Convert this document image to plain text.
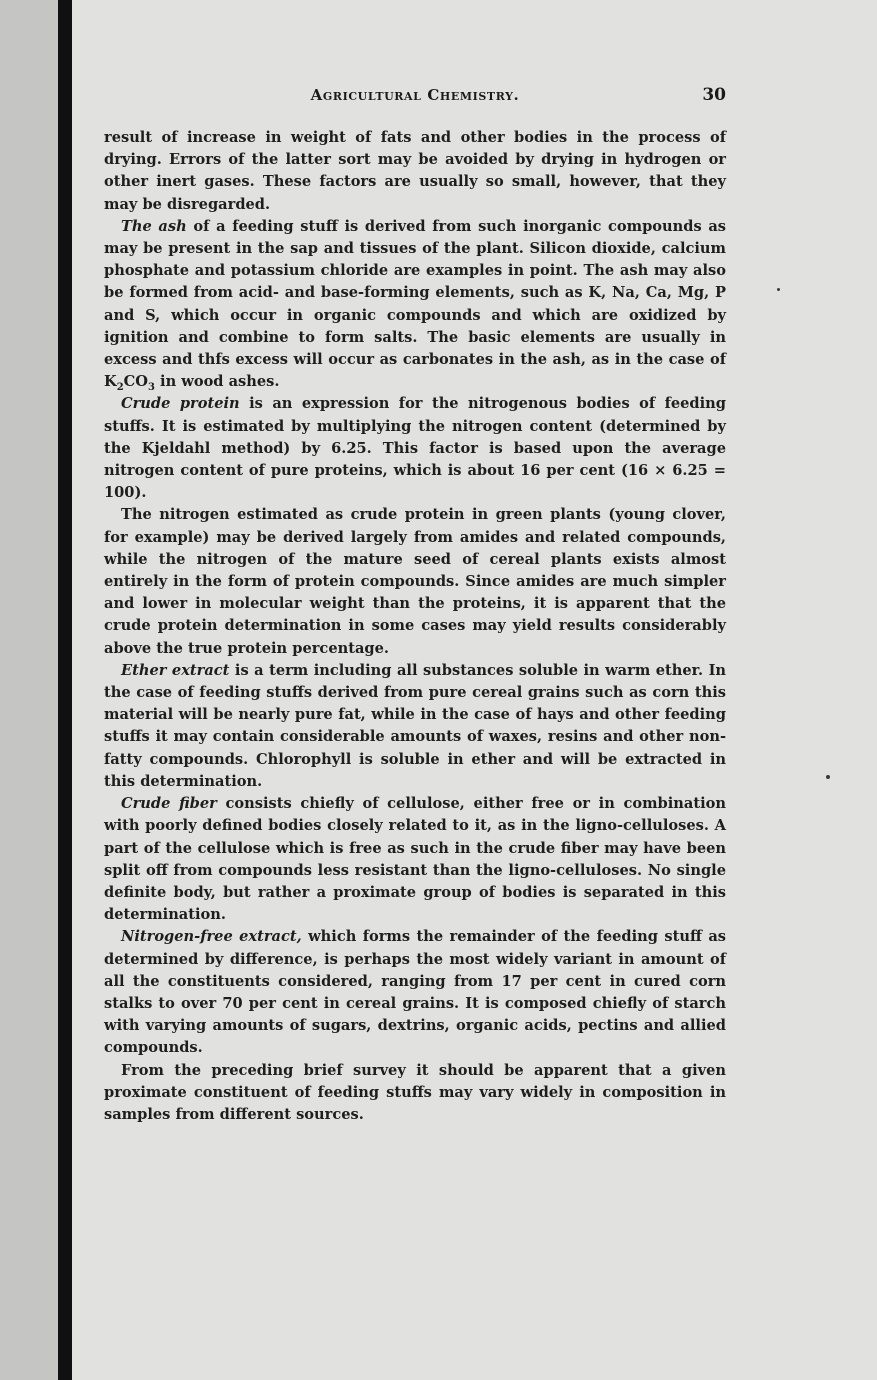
Agricultural Chemistry.	30

result of increase in weight of fats and other bodies in the process of drying. Errors of the latter sort may be avoided by drying in hydrogen or other inert gases. These factors are usually so small, however, that they may be disregarded.

The ash of a feeding stuff is derived from such inorganic compounds as may be present in the sap and tissues of the plant. Silicon dioxide, calcium phosphate and potassium chloride are examples in point. The ash may also be formed from acid- and base-forming elements, such as K, Na, Ca, Mg, P and S, which occur in organic compounds and which are oxidized by ignition and combine to form salts. The basic elements are usually in excess and thfs excess will occur as carbonates in the ash, as in the case of $K_2CO_3$ in wood ashes.

Crude protein is an expression for the nitrogenous bodies of feeding stuffs. It is estimated by multiplying the nitrogen content (determined by the Kjeldahl method) by 6.25. This factor is based upon the average nitrogen content of pure proteins, which is about 16 per cent (16 × 6.25 = 100).

The nitrogen estimated as crude protein in green plants (young clover, for example) may be derived largely from amides and related compounds, while the nitrogen of the mature seed of cereal plants exists almost entirely in the form of protein compounds. Since amides are much simpler and lower in molecular weight than the proteins, it is apparent that the crude protein determination in some cases may yield results considerably above the true protein percentage.

Ether extract is a term including all substances soluble in warm ether. In the case of feeding stuffs derived from pure cereal grains such as corn this material will be nearly pure fat, while in the case of hays and other feeding stuffs it may contain considerable amounts of waxes, resins and other non-fatty compounds. Chlorophyll is soluble in ether and will be extracted in this determination.

Crude fiber consists chiefly of cellulose, either free or in combination with poorly defined bodies closely related to it, as in the ligno-celluloses. A part of the cellulose which is free as such in the crude fiber may have been split off from compounds less resistant than the ligno-celluloses. No single definite body, but rather a proximate group of bodies is separated in this determination.

Nitrogen-free extract, which forms the remainder of the feeding stuff as determined by difference, is perhaps the most widely variant in amount of all the constituents considered, ranging from 17 per cent in cured corn stalks to over 70 per cent in cereal grains. It is composed chiefly of starch with varying amounts of sugars, dextrins, organic acids, pectins and allied compounds.

From the preceding brief survey it should be apparent that a given proximate constituent of feeding stuffs may vary widely in composition in samples from different sources.
